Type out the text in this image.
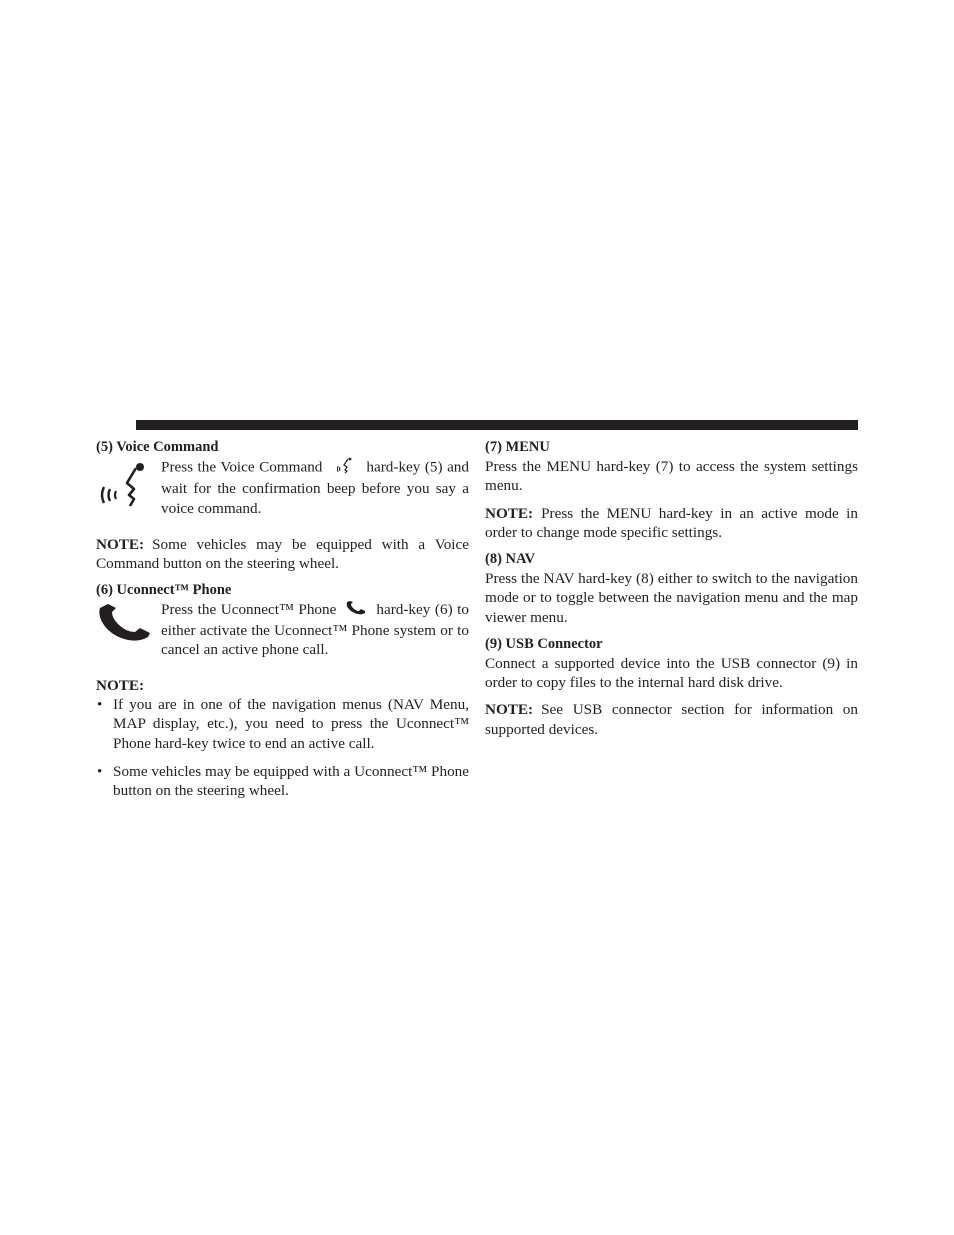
(5) Voice Command

Press the Voice Command	hard-key (5) and wait for the confirmation beep before you say a voice command.

NOTE: Some vehicles may be equipped with a Voice Command button on the steering wheel.

(6) Uconnect™ Phone

Press the Uconnect™ Phone	hard-key (6) to either activate the Uconnect™ Phone system or to cancel an active phone call.

NOTE:

• If you are in one of the navigation menus (NAV Menu, MAP display, etc.), you need to press the Uconnect™ Phone hard-key twice to end an active call.
• Some vehicles may be equipped with a Uconnect™ Phone button on the steering wheel.

(7) MENU

Press the MENU hard-key (7) to access the system settings menu.

NOTE: Press the MENU hard-key in an active mode in order to change mode specific settings.

(8) NAV

Press the NAV hard-key (8) either to switch to the navigation mode or to toggle between the navigation menu and the map viewer menu.

(9) USB Connector

Connect a supported device into the USB connector (9) in order to copy files to the internal hard disk drive.

NOTE: See USB connector section for information on supported devices.
